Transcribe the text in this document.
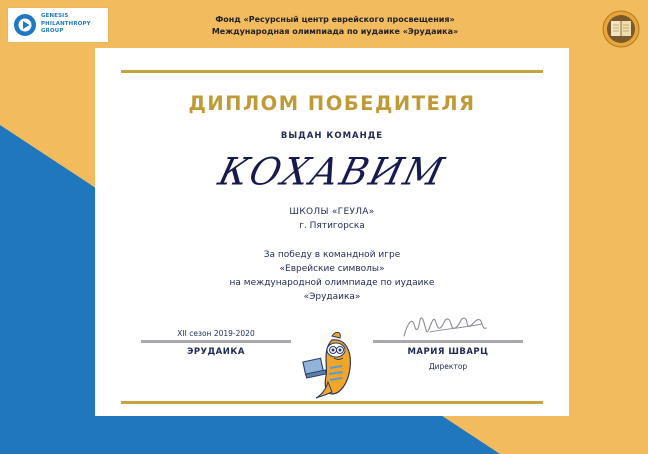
GENESIS
PHILANTHROPY
GROUP
Фонд «Ресурсный центр еврейского просвещения»
Международная олимпиада по иудаике «Эрудаика»
ДИПЛОМ ПОБЕДИТЕЛЯ
ВЫДАН КОМАНДЕ
КОХАВИМ
ШКОЛЫ «ГЕУЛА»
г. Пятигорска
За победу в командной игре
«Еврейские символы»
на международной олимпиаде по иудаике
«Эрудаика»
XII сезон 2019-2020
ЭРУДАИКА	МАРИЯ ШВАРЦ
Директор
